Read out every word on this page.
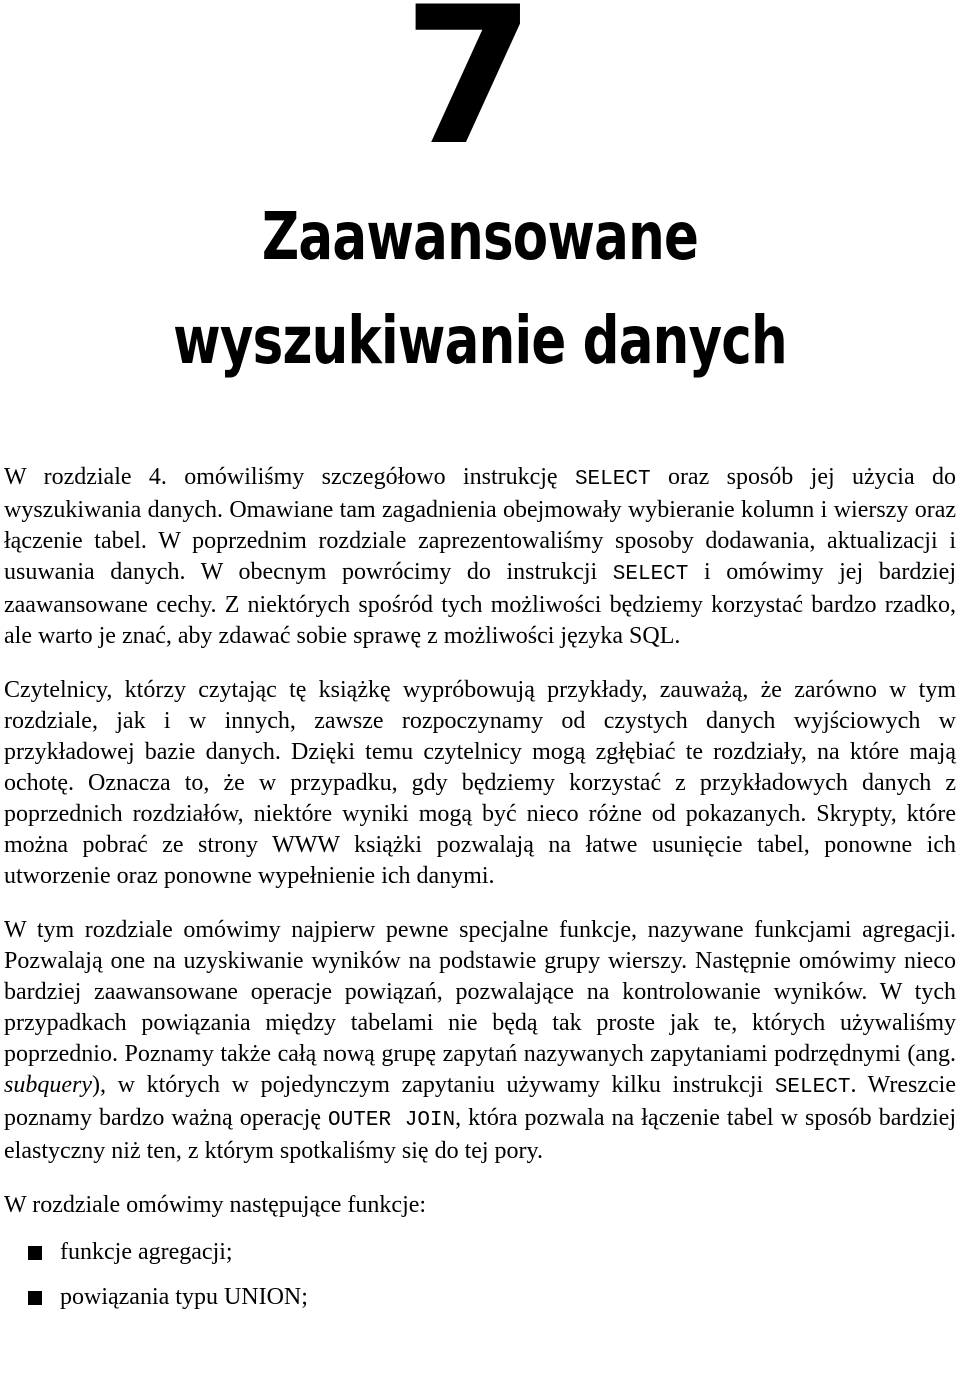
7
Zaawansowane
wyszukiwanie danych

W rozdziale 4. omówiliśmy szczegółowo instrukcję SELECT oraz sposób jej użycia do wyszukiwania danych. Omawiane tam zagadnienia obejmowały wybieranie kolumn i wierszy oraz łączenie tabel. W poprzednim rozdziale zaprezentowaliśmy sposoby dodawania, aktualizacji i usuwania danych. W obecnym powrócimy do instrukcji SELECT i omówimy jej bardziej zaawansowane cechy. Z niektórych spośród tych możliwości będziemy korzystać bardzo rzadko, ale warto je znać, aby zdawać sobie sprawę z możliwości języka SQL.

Czytelnicy, którzy czytając tę książkę wypróbowują przykłady, zauważą, że zarówno w tym rozdziale, jak i w innych, zawsze rozpoczynamy od czystych danych wyjściowych w przykładowej bazie danych. Dzięki temu czytelnicy mogą zgłębiać te rozdziały, na które mają ochotę. Oznacza to, że w przypadku, gdy będziemy korzystać z przykładowych danych z poprzednich rozdziałów, niektóre wyniki mogą być nieco różne od pokazanych. Skrypty, które można pobrać ze strony WWW książki pozwalają na łatwe usunięcie tabel, ponowne ich utworzenie oraz ponowne wypełnienie ich danymi.

W tym rozdziale omówimy najpierw pewne specjalne funkcje, nazywane funkcjami agregacji. Pozwalają one na uzyskiwanie wyników na podstawie grupy wierszy. Następnie omówimy nieco bardziej zaawansowane operacje powiązań, pozwalające na kontrolowanie wyników. W tych przypadkach powiązania między tabelami nie będą tak proste jak te, których używaliśmy poprzednio. Poznamy także całą nową grupę zapytań nazywanych zapytaniami podrzędnymi (ang. subquery), w których w pojedynczym zapytaniu używamy kilku instrukcji SELECT. Wreszcie poznamy bardzo ważną operację OUTER JOIN, która pozwala na łączenie tabel w sposób bardziej elastyczny niż ten, z którym spotkaliśmy się do tej pory.

W rozdziale omówimy następujące funkcje:

funkcje agregacji;
powiązania typu UNION;
